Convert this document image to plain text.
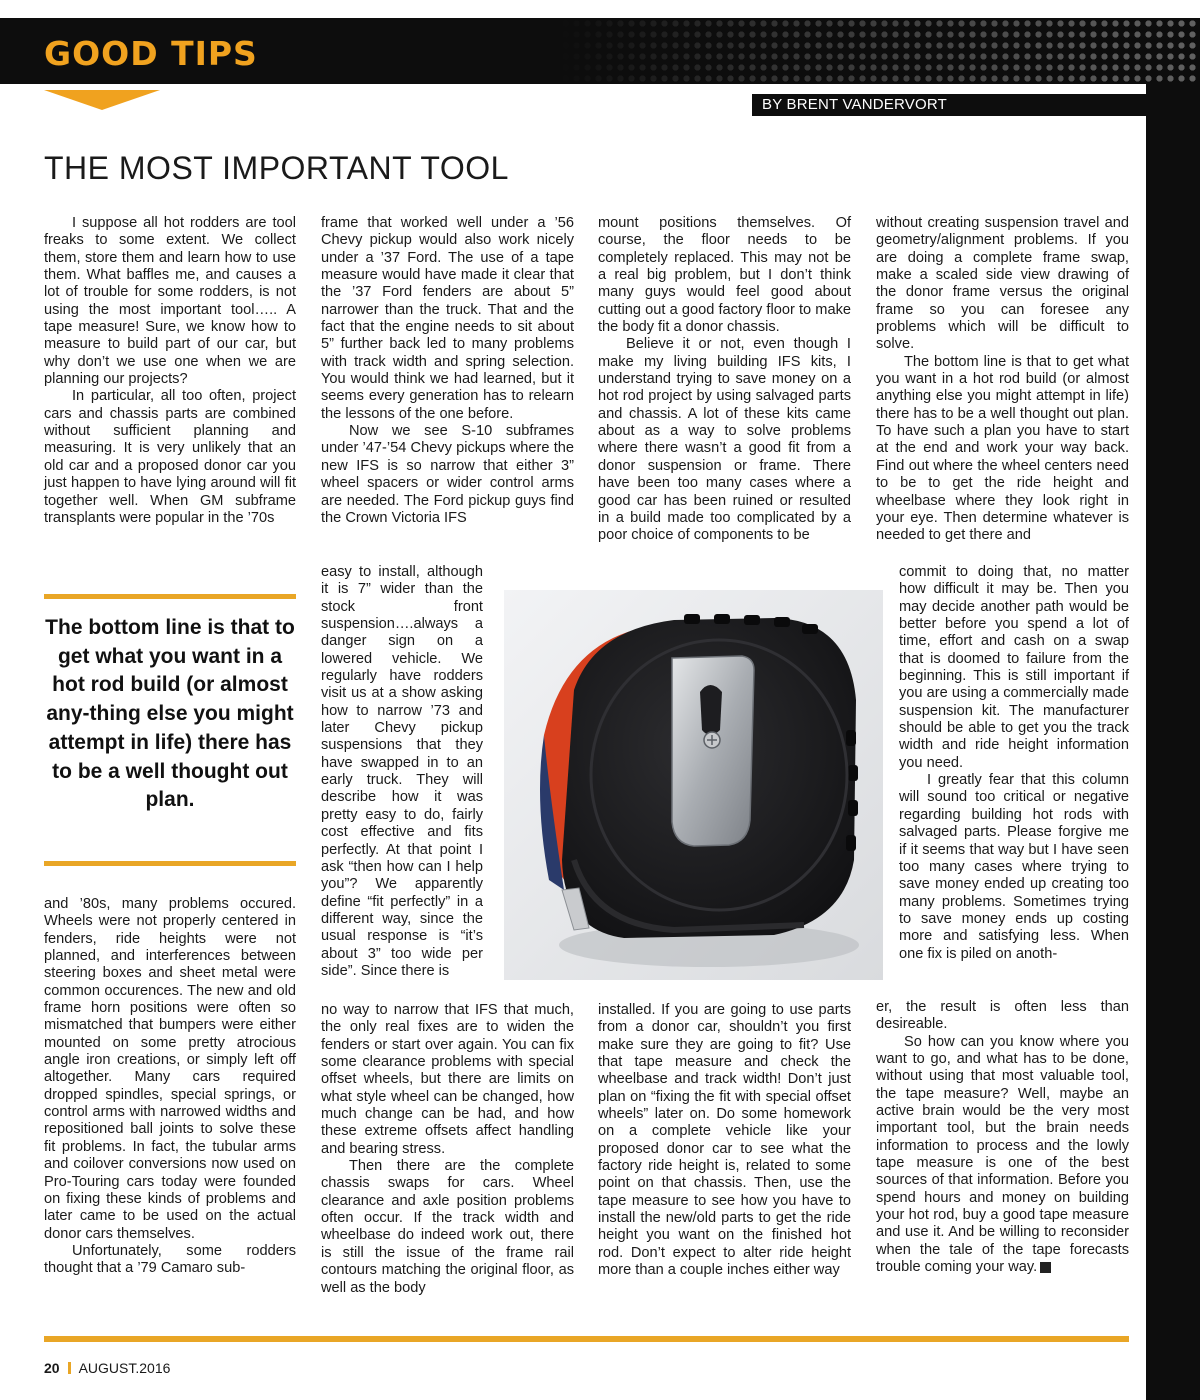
GOOD TIPS
BY BRENT VANDERVORT
THE MOST IMPORTANT TOOL

I suppose all hot rodders are tool freaks to some extent. We collect them, store them and learn how to use them. What baffles me, and causes a lot of trouble for some rodders, is not using the most important tool….. A tape measure! Sure, we know how to measure to build part of our car, but why don’t we use one when we are planning our projects?

In particular, all too often, project cars and chassis parts are combined without sufficient planning and measuring. It is very unlikely that an old car and a proposed donor car you just happen to have lying around will fit together well. When GM subframe transplants were popular in the ’70s

The bottom line is that to get what you want in a hot rod build (or almost any-thing else you might attempt in life) there has to be a well thought out plan.

and ’80s, many problems occured. Wheels were not properly centered in fenders, ride heights were not planned, and interferences between steering boxes and sheet metal were common occurences. The new and old frame horn positions were often so mismatched that bumpers were either mounted on some pretty atrocious angle iron creations, or simply left off altogether. Many cars required dropped spindles, special springs, or control arms with narrowed widths and repositioned ball joints to solve these fit problems. In fact, the tubular arms and coilover conversions now used on Pro-Touring cars today were founded on fixing these kinds of problems and later came to be used on the actual donor cars themselves.

Unfortunately, some rodders thought that a ’79 Camaro sub-

frame that worked well under a ’56 Chevy pickup would also work nicely under a ’37 Ford. The use of a tape measure would have made it clear that the ’37 Ford fenders are about 5” narrower than the truck. That and the fact that the engine needs to sit about 5” further back led to many problems with track width and spring selection. You would think we had learned, but it seems every generation has to relearn the lessons of the one before.

Now we see S-10 subframes under ’47-’54 Chevy pickups where the new IFS is so narrow that either 3” wheel spacers or wider control arms are needed. The Ford pickup guys find the Crown Victoria IFS

easy to install, although it is 7” wider than the stock front suspension….always a danger sign on a lowered vehicle. We regularly have rodders visit us at a show asking how to narrow ’73 and later Chevy pickup suspensions that they have swapped in to an early truck. They will describe how it was pretty easy to do, fairly cost effective and fits perfectly. At that point I ask “then how can I help you”? We apparently define “fit perfectly” in a different way, since the usual response is “it’s about 3” too wide per side”. Since there is

no way to narrow that IFS that much, the only real fixes are to widen the fenders or start over again. You can fix some clearance problems with special offset wheels, but there are limits on what style wheel can be changed, how much change can be had, and how these extreme offsets affect handling and bearing stress.

Then there are the complete chassis swaps for cars. Wheel clearance and axle position problems often occur. If the track width and wheelbase do indeed work out, there is still the issue of the frame rail contours matching the original floor, as well as the body

mount positions themselves. Of course, the floor needs to be completely replaced. This may not be a real big problem, but I don’t think many guys would feel good about cutting out a good factory floor to make the body fit a donor chassis.

Believe it or not, even though I make my living building IFS kits, I understand trying to save money on a hot rod project by using salvaged parts and chassis. A lot of these kits came about as a way to solve problems where there wasn’t a good fit from a donor suspension or frame. There have been too many cases where a good car has been ruined or resulted in a build made too complicated by a poor choice of components to be

installed. If you are going to use parts from a donor car, shouldn’t you first make sure they are going to fit? Use that tape measure and check the wheelbase and track width! Don’t just plan on “fixing the fit with special offset wheels” later on. Do some homework on a complete vehicle like your proposed donor car to see what the factory ride height is, related to some point on that chassis. Then, use the tape measure to see how you have to install the new/old parts to get the ride height you want on the finished hot rod. Don’t expect to alter ride height more than a couple inches either way

without creating suspension travel and geometry/alignment problems. If you are doing a complete frame swap, make a scaled side view drawing of the donor frame versus the original frame so you can foresee any problems which will be difficult to solve.

The bottom line is that to get what you want in a hot rod build (or almost anything else you might attempt in life) there has to be a well thought out plan. To have such a plan you have to start at the end and work your way back. Find out where the wheel centers need to be to get the ride height and wheelbase where they look right in your eye. Then determine whatever is needed to get there and

commit to doing that, no matter how difficult it may be. Then you may decide another path would be better before you spend a lot of time, effort and cash on a swap that is doomed to failure from the beginning. This is still important if you are using a commercially made suspension kit. The manufacturer should be able to get you the track width and ride height information you need.

I greatly fear that this column will sound too critical or negative regarding building hot rods with salvaged parts. Please forgive me if it seems that way but I have seen too many cases where trying to save money ended up creating too many problems. Sometimes trying to save money ends up costing more and satisfying less. When one fix is piled on anoth-

er, the result is often less than desireable.

So how can you know where you want to go, and what has to be done, without using that most valuable tool, the tape measure? Well, maybe an active brain would be the very most important tool, but the brain needs information to process and the lowly tape measure is one of the best sources of that information. Before you spend hours and money on building your hot rod, buy a good tape measure and use it. And be willing to reconsider when the tale of the tape forecasts trouble coming your way.	GG

20 AUGUST.2016
